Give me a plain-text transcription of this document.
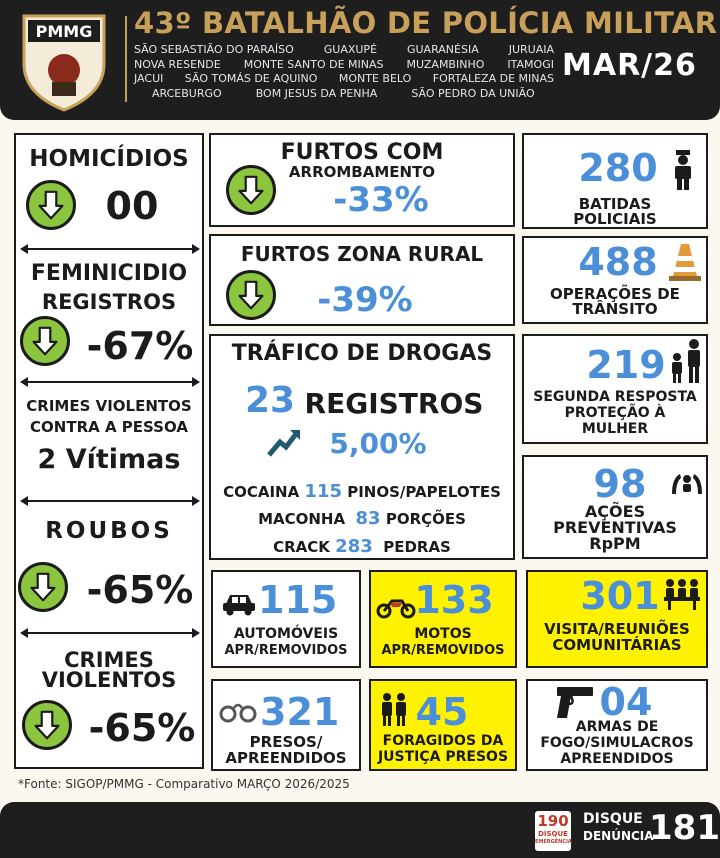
PMMG	43º BATALHÃO DE POLÍCIA MILITAR
SÃO SEBASTIÃO DO PARAÍSO	GUAXUPÉ	GUARANÉSIA	JURUAIA
NOVA RESENDE MONTE SANTO DE MINAS MUZAMBINHO ITAMOGI
JACUI SÃO TOMÁS DE AQUINO MONTE BELO FORTALEZA DE MINAS
ARCEBURGO	BOM JESUS DA PENHA	SÃO PEDRO DA UNIÃO
MAR/26
HOMICÍDIOS
00
FEMINICIDIO
REGISTROS
-67%
CRIMES VIOLENTOS
CONTRA A PESSOA
2 Vítimas
ROUBOS
-65%
CRIMES
VIOLENTOS
-65%
FURTOS COM
ARROMBAMENTO
-33%
FURTOS ZONA RURAL
-39%
TRÁFICO DE DROGAS
23 REGISTROS
5,00%
COCAINA 115 PINOS/PAPELOTES
MACONHA 83 PORÇÕES
CRACK 283 PEDRAS
280
BATIDAS
POLICIAIS
488
OPERAÇÕES DE
TRÂNSITO
219
SEGUNDA RESPOSTA
PROTEÇÃO À
MULHER
98
AÇÕES
PREVENTIVAS
RpPM
115
AUTOMÓVEIS
APR/REMOVIDOS
133
MOTOS
APR/REMOVIDOS
301
VISITA/REUNIÕES
COMUNITÁRIAS
321
PRESOS/
APREENDIDOS
45
FORAGIDOS DA
JUSTIÇA PRESOS
04
ARMAS DE
FOGO/SIMULACROS
APREENDIDOS
*Fonte: SIGOP/PMMG - Comparativo MARÇO 2026/2025
190
DISQUE
EMERGÊNCIA
DISQUE
DENÚNCIA
181
